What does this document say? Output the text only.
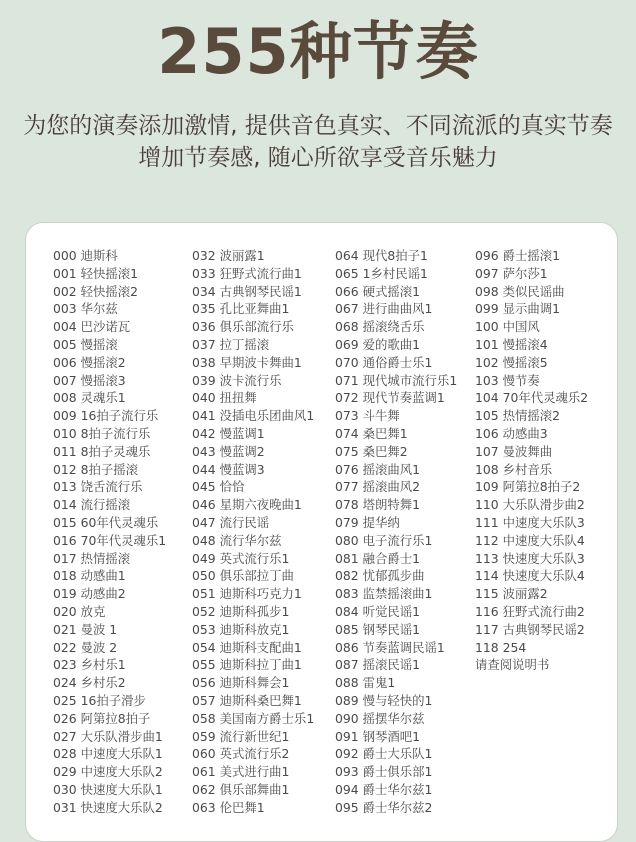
255种节奏
为您的演奏添加激情, 提供音色真实、不同流派的真实节奏
增加节奏感, 随心所欲享受音乐魅力
000 迪斯科
001 轻快摇滚1
002 轻快摇滚2
003 华尔兹
004 巴沙诺瓦
005 慢摇滚
006 慢摇滚2
007 慢摇滚3
008 灵魂乐1
009 16拍子流行乐
010 8拍子流行乐
011 8拍子灵魂乐
012 8拍子摇滚
013 饶舌流行乐
014 流行摇滚
015 60年代灵魂乐
016 70年代灵魂乐1
017 热情摇滚
018 动感曲1
019 动感曲2
020 放克
021 曼波 1
022 曼波 2
023 乡村乐1
024 乡村乐2
025 16拍子滑步
026 阿第拉8拍子
027 大乐队滑步曲1
028 中速度大乐队1
029 中速度大乐队2
030 快速度大乐队1
031 快速度大乐队2
032 波丽露1
033 狂野式流行曲1
034 古典钢琴民谣1
035 孔比亚舞曲1
036 俱乐部流行乐
037 拉丁摇滚
038 早期波卡舞曲1
039 波卡流行乐
040 扭扭舞
041 没插电乐团曲风1
042 慢蓝调1
043 慢蓝调2
044 慢蓝调3
045 恰恰
046 星期六夜晚曲1
047 流行民谣
048 流行华尔兹
049 英式流行乐1
050 俱乐部拉丁曲
051 迪斯科巧克力1
052 迪斯科孤步1
053 迪斯科放克1
054 迪斯科支配曲1
055 迪斯科拉丁曲1
056 迪斯科舞会1
057 迪斯科桑巴舞1
058 美国南方爵士乐1
059 流行新世纪1
060 英式流行乐2
061 美式进行曲1
062 俱乐部舞曲1
063 伦巴舞1
064 现代8拍子1
065 1乡村民谣1
066 硬式摇滚1
067 进行曲曲风1
068 摇滚绕舌乐
069 爱的歌曲1
070 通俗爵士乐1
071 现代城市流行乐1
072 现代节奏蓝调1
073 斗牛舞
074 桑巴舞1
075 桑巴舞2
076 摇滚曲风1
077 摇滚曲风2
078 塔朗特舞1
079 提华纳
080 电子流行乐1
081 融合爵士1
082 忧郁孤步曲
083 监禁摇滚曲1
084 听觉民谣1
085 钢琴民谣1
086 节奏蓝调民谣1
087 摇滚民谣1
088 雷鬼1
089 慢与轻快的1
090 摇摆华尔兹
091 钢琴酒吧1
092 爵士大乐队1
093 爵士俱乐部1
094 爵士华尔兹1
095 爵士华尔兹2
096 爵士摇滚1
097 萨尔莎1
098 类似民谣曲
099 显示曲调1
100 中国风
101 慢摇滚4
102 慢摇滚5
103 慢节奏
104 70年代灵魂乐2
105 热情摇滚2
106 动感曲3
107 曼波舞曲
108 乡村音乐
109 阿第拉8拍子2
110 大乐队滑步曲2
111 中速度大乐队3
112 中速度大乐队4
113 快速度大乐队3
114 快速度大乐队4
115 波丽露2
116 狂野式流行曲2
117 古典钢琴民谣2
118 254
请查阅说明书
